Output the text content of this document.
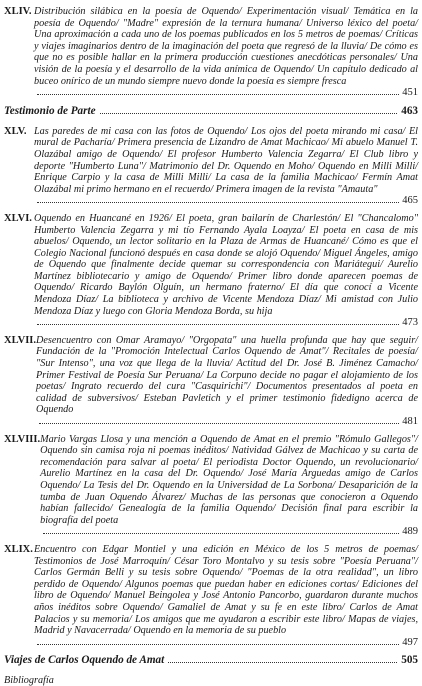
XLIV. Distribución silábica en la poesía de Oquendo/ Experimentación visual/ Temática en la poesía de Oquendo/ "Madre" expresión de la ternura humana/ Universo léxico del poeta/ Una aproximación a cada uno de los poemas publicados en los 5 metros de poemas/ Críticas y viajes imaginarios dentro de la imaginación del poeta que regresó de la lluvia/ De cómo es que no es posible hallar en la primera producción cuestiones anecdóticas personales/ Una visión de la poesía y el desarrollo de la vida anímica de Oquendo/ Un capítulo dedicado al buceo onírico de un mundo siempre nuevo donde la poesía es siempre fresca
451
Testimonio de Parte	463
XLV. Las paredes de mi casa con las fotos de Oquendo/ Los ojos del poeta mirando mi casa/ El mural de Pacharía/ Primera presencia de Lizandro de Amat Machicao/ Mi abuelo Manuel T. Olazábal amigo de Oquendo/ El profesor Humberto Valencia Zegarra/ El Club libro y deporte "Humberto Luna"/ Matrimonio del Dr. Oquendo en Moho/ Oquendo en Milli Milli/ Enrique Carpio y la casa de Milli Milli/ La casa de la familia Machicao/ Fermín Amat Olazábal mi primo hermano en el recuerdo/ Primera imagen de la revista "Amauta"
465
XLVI. Oquendo en Huancané en 1926/ El poeta, gran bailarín de Charlestón/ El "Chancalomo" Humberto Valencia Zegarra y mi tío Fernando Ayala Loayza/ El poeta en casa de mis abuelos/ Oquendo, un lector solitario en la Plaza de Armas de Huancané/ Cómo es que el Colegio Nacional funcionó después en casa donde se alojó Oquendo/ Miguel Ángeles, amigo de Oquendo que finalmente decide quemar su correspondencia con Mariátegui/ Aurelio Martínez bibliotecario y amigo de Oquendo/ Primer libro donde aparecen poemas de Oquendo/ Ricardo Baylón Olguín, un hermano fraterno/ El día que conocí a Vicente Mendoza Díaz/ La biblioteca y archivo de Vicente Mendoza Díaz/ Mi amistad con Julio Mendoza Díaz y luego con Gloria Mendoza Borda, su hija
473
XLVII. Desencuentro con Omar Aramayo/ "Orgopata" una huella profunda que hay que seguir/ Fundación de la "Promoción Intelectual Carlos Oquendo de Amat"/ Recitales de poesía/ "Sur Intenso", una voz que llega de la lluvia/ Actitud del Dr. José B. Jiménez Camacho/ Primer Festival de Poesía Sur Peruana/ La Corpuno decide no pagar el alojamiento de los poetas/ Ingrato recuerdo del cura "Casquirichi"/ Documentos presentados al poeta en calidad de subversivos/ Esteban Pavletich y el primer testimonio fidedigno acerca de Oquendo
481
XLVIII. Mario Vargas Llosa y una mención a Oquendo de Amat en el premio "Rómulo Gallegos"/ Oquendo sin camisa roja ni poemas inéditos/ Natividad Gálvez de Machicao y su carta de recomendación para salvar al poeta/ El periodista Doctor Oquendo, un revolucionario/ Aurelio Martínez en la casa del Dr. Oquendo/ José María Arguedas amigo de Carlos Oquendo/ La Tesis del Dr. Oquendo en la Universidad de La Sorbona/ Desaparición de la tumba de Juan Oquendo Álvarez/ Muchas de las personas que conocieron a Oquendo habían fallecido/ Genealogía de la familia Oquendo/ Decisión final para escribir la biografía del poeta
489
XLIX. Encuentro con Edgar Montiel y una edición en México de los 5 metros de poemas/ Testimonios de José Marroquín/ César Toro Montalvo y su tesis sobre "Poesía Peruana"/ Carlos Germán Belli y su tesis sobre Oquendo/ "Poemas de la otra realidad", un libro perdido de Oquendo/ Algunos poemas que puedan haber en ediciones cortas/ Ediciones del libro de Oquendo/ Manuel Beingolea y José Antonio Pancorbo, guardaron durante muchos años inéditos sobre Oquendo/ Gamaliel de Amat y su fe en este libro/ Carlos de Amat Palacios y su memoria/ Los amigos que me ayudaron a escribir este libro/ Mapas de viajes, Madrid y Navacerrada/ Oquendo en la memoria de su pueblo
497
Viajes de Carlos Oquendo de Amat	505
Bibliografía
